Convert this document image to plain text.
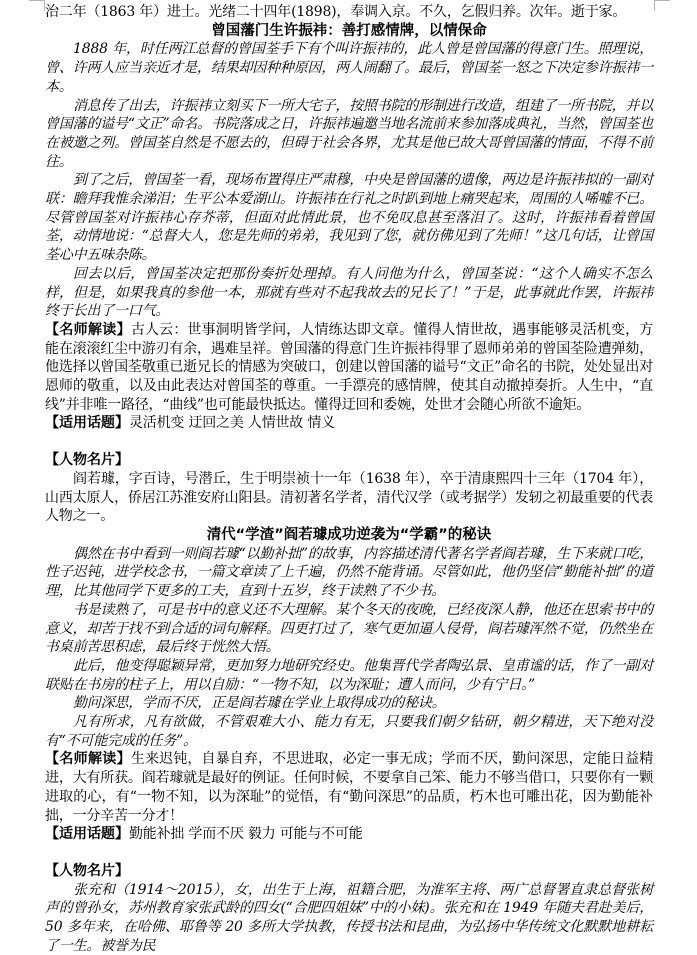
治二年（1863 年）进士。光绪二十四年(1898)，奉调入京。不久，乞假归养。次年。逝于家。

曾国藩门生许振祎：善打感情牌，以情保命

1888 年，时任两江总督的曾国荃手下有个叫许振祎的，此人曾是曾国藩的得意门生。照理说，曾、许两人应当亲近才是，结果却因种种原因，两人闹翻了。最后，曾国荃一怒之下决定参许振祎一本。

消息传了出去，许振祎立刻买下一所大宅子，按照书院的形制进行改造，组建了一所书院，并以曾国藩的谥号“文正”命名。书院落成之日，许振祎遍邀当地名流前来参加落成典礼，当然，曾国荃也在被邀之列。曾国荃自然是不愿去的，但碍于社会各界，尤其是他已故大哥曾国藩的情面，不得不前往。

到了之后，曾国荃一看，现场布置得庄严肃穆，中央是曾国藩的遗像，两边是许振祎拟的一副对联：瞻拜我惟余涕泪；生平公本爱湖山。许振祎在行礼之时趴到地上痛哭起来，周围的人唏嘘不已。尽管曾国荃对许振祎心存芥蒂，但面对此情此景，也不免叹息甚至落泪了。这时，许振祎看着曾国荃，动情地说：“总督大人，您是先师的弟弟，我见到了您，就仿佛见到了先师！”这几句话，让曾国荃心中五味杂陈。

回去以后，曾国荃决定把那份奏折处理掉。有人问他为什么，曾国荃说：“这个人确实不怎么样，但是，如果我真的参他一本，那就有些对不起我故去的兄长了！”于是，此事就此作罢，许振祎终于长出了一口气。

【名师解读】古人云：世事洞明皆学问，人情练达即文章。懂得人情世故，遇事能够灵活机变，方能在滚滚红尘中游刃有余，遇难呈祥。曾国藩的得意门生许振祎得罪了恩师弟弟的曾国荃险遭弹劾，他选择以曾国荃敬重已逝兄长的情感为突破口，创建以曾国藩的谥号“文正”命名的书院，处处显出对恩师的敬重，以及由此表达对曾国荃的尊重。一手漂亮的感情牌，使其自动撤掉奏折。人生中，“直线”并非唯一路径，“曲线”也可能最快抵达。懂得迂回和委婉，处世才会随心所欲不逾矩。

【适用话题】灵活机变 迂回之美 人情世故 情义

【人物名片】

阎若璩，字百诗，号潜丘，生于明崇祯十一年（1638 年），卒于清康熙四十三年（1704 年），山西太原人，侨居江苏淮安府山阳县。清初著名学者，清代汉学（或考据学）发轫之初最重要的代表人物之一。

清代“学渣”阎若璩成功逆袭为“学霸”的秘诀

偶然在书中看到一则阎若璩“以勤补拙”的故事，内容描述清代著名学者阎若璩，生下来就口吃，性子迟钝，进学校念书，一篇文章读了上千遍，仍然不能背诵。尽管如此，他仍坚信“勤能补拙”的道理，比其他同学下更多的工夫，直到十五岁，终于读熟了不少书。

书是读熟了，可是书中的意义还不大理解。某个冬天的夜晚，已经夜深人静，他还在思索书中的意义，却苦于找不到合适的词句解释。四更打过了，寒气更加逼人侵骨，阎若璩浑然不觉，仍然坐在书桌前苦思积虑，最后终于恍然大悟。

此后，他变得聪颖异常，更加努力地研究经史。他集晋代学者陶弘景、皇甫谧的话，作了一副对联贴在书房的柱子上，用以自励：“一物不知，以为深耻；遭人而问，少有宁日。”

勤问深思，学而不厌，正是阎若璩在学业上取得成功的秘诀。

凡有所求，凡有欲做，不管艰难大小、能力有无，只要我们朝夕钻研，朝夕精进，天下绝对没有“不可能完成的任务”。

【名师解读】生来迟钝，自暴自弃，不思进取，必定一事无成；学而不厌，勤问深思，定能日益精进，大有所获。阎若璩就是最好的例证。任何时候，不要拿自己笨、能力不够当借口，只要你有一颗进取的心，有“一物不知，以为深耻”的觉悟，有“勤问深思”的品质，朽木也可雕出花，因为勤能补拙，一分辛苦一分才！

【适用话题】勤能补拙 学而不厌 毅力 可能与不可能

【人物名片】

张充和（1914～2015），女，出生于上海，祖籍合肥，为淮军主将、两广总督署直隶总督张树声的曾孙女，苏州教育家张武龄的四女(“合肥四姐妹”中的小妹)。张充和在 1949 年随夫君赴美后，50 多年来，在哈佛、耶鲁等 20 多所大学执教，传授书法和昆曲，为弘扬中华传统文化默默地耕耘了一生。被誉为民
